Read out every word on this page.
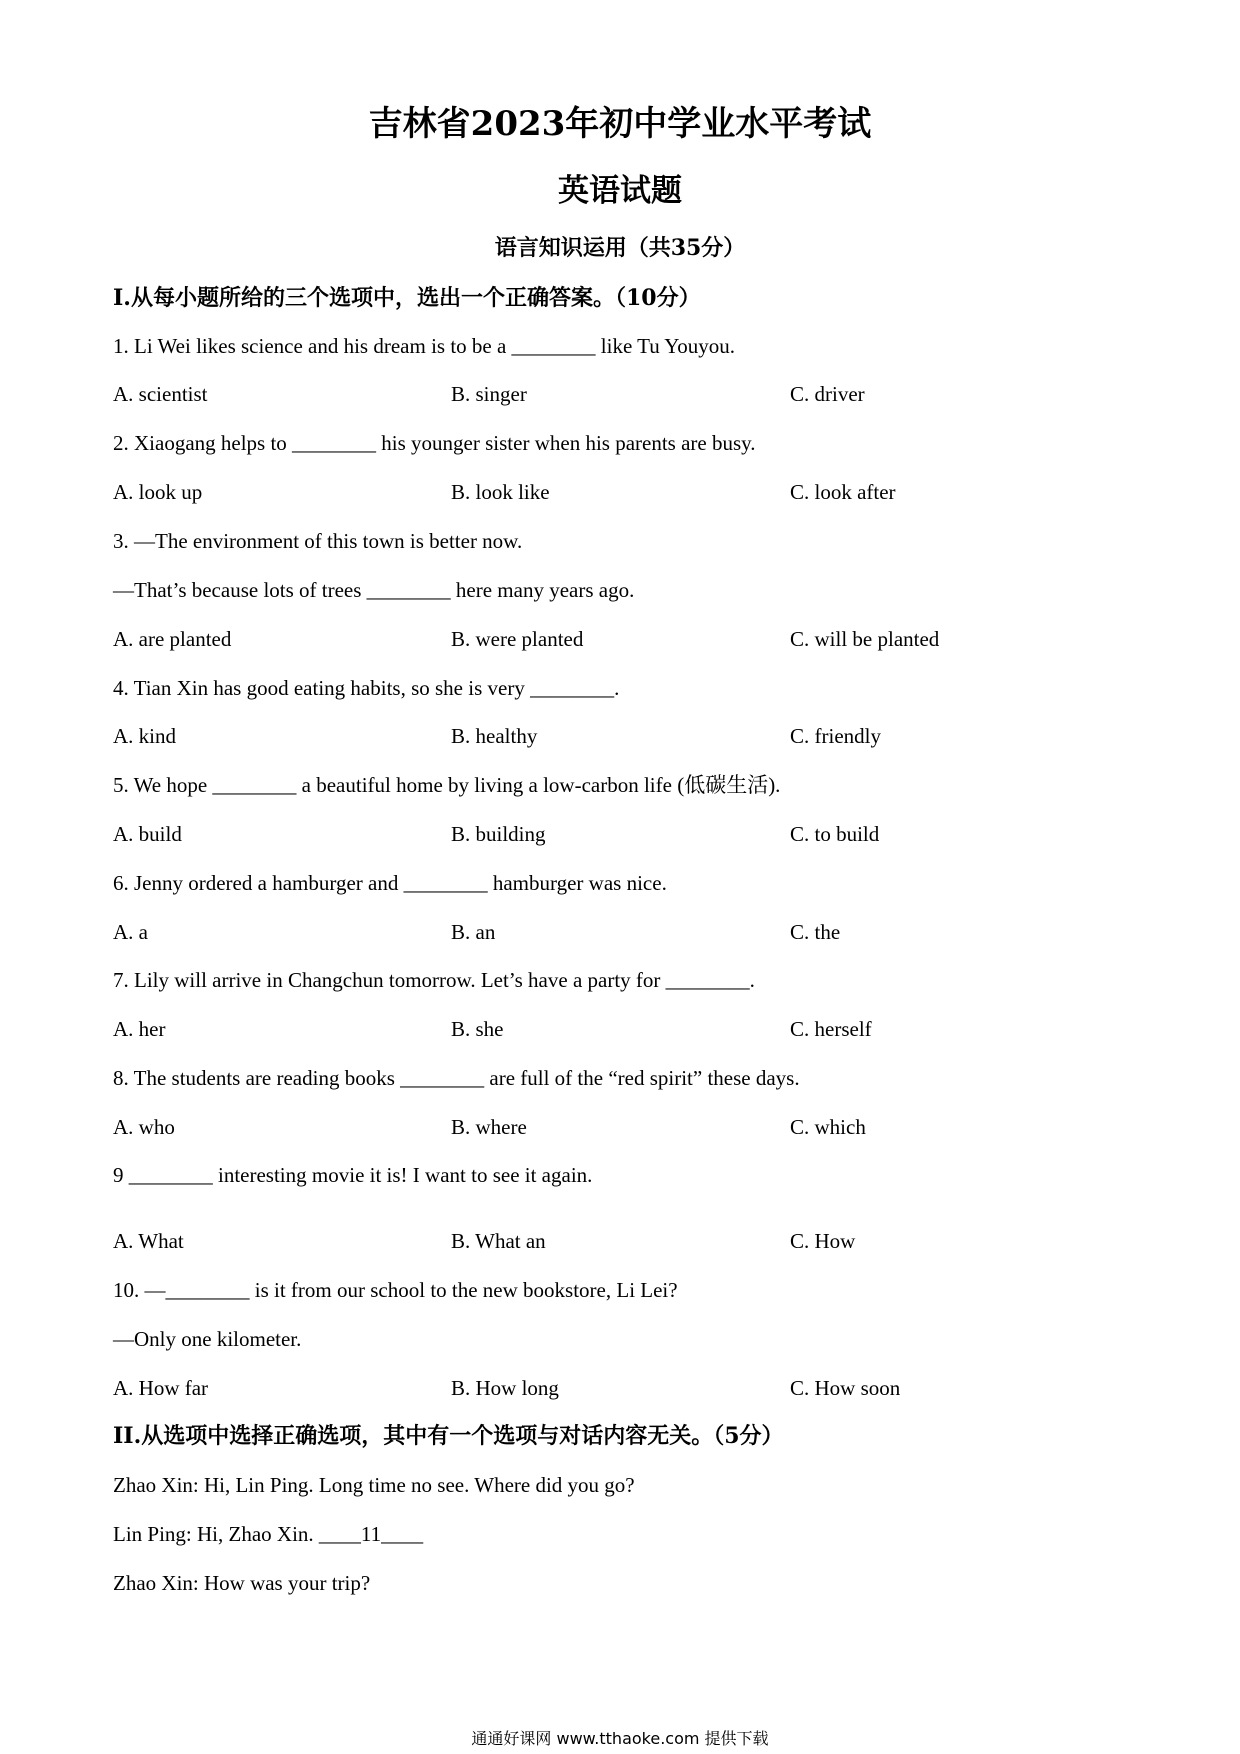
吉林省2023年初中学业水平考试
英语试题
语言知识运用（共35分）
I.从每小题所给的三个选项中，选出一个正确答案。（10分）
1. Li Wei likes science and his dream is to be a ________ like Tu Youyou.
A. scientist	B. singer	C. driver
2. Xiaogang helps to ________ his younger sister when his parents are busy.
A. look up	B. look like	C. look after
3. —The environment of this town is better now.
—That’s because lots of trees ________ here many years ago.
A. are planted	B. were planted	C. will be planted
4. Tian Xin has good eating habits, so she is very ________.
A. kind	B. healthy	C. friendly
5. We hope ________ a beautiful home by living a low-carbon life (低碳生活).
A. build	B. building	C. to build
6. Jenny ordered a hamburger and ________ hamburger was nice.
A. a	B. an	C. the
7. Lily will arrive in Changchun tomorrow. Let’s have a party for ________.
A. her	B. she	C. herself
8. The students are reading books ________ are full of the “red spirit” these days.
A. who	B. where	C. which
9 ________ interesting movie it is! I want to see it again.
A. What	B. What an	C. How
10. —________ is it from our school to the new bookstore, Li Lei?
—Only one kilometer.
A. How far	B. How long	C. How soon
II.从选项中选择正确选项，其中有一个选项与对话内容无关。（5分）
Zhao Xin: Hi, Lin Ping. Long time no see. Where did you go?
Lin Ping: Hi, Zhao Xin. ____11____
Zhao Xin: How was your trip?
通通好课网 www.tthaoke.com 提供下载
